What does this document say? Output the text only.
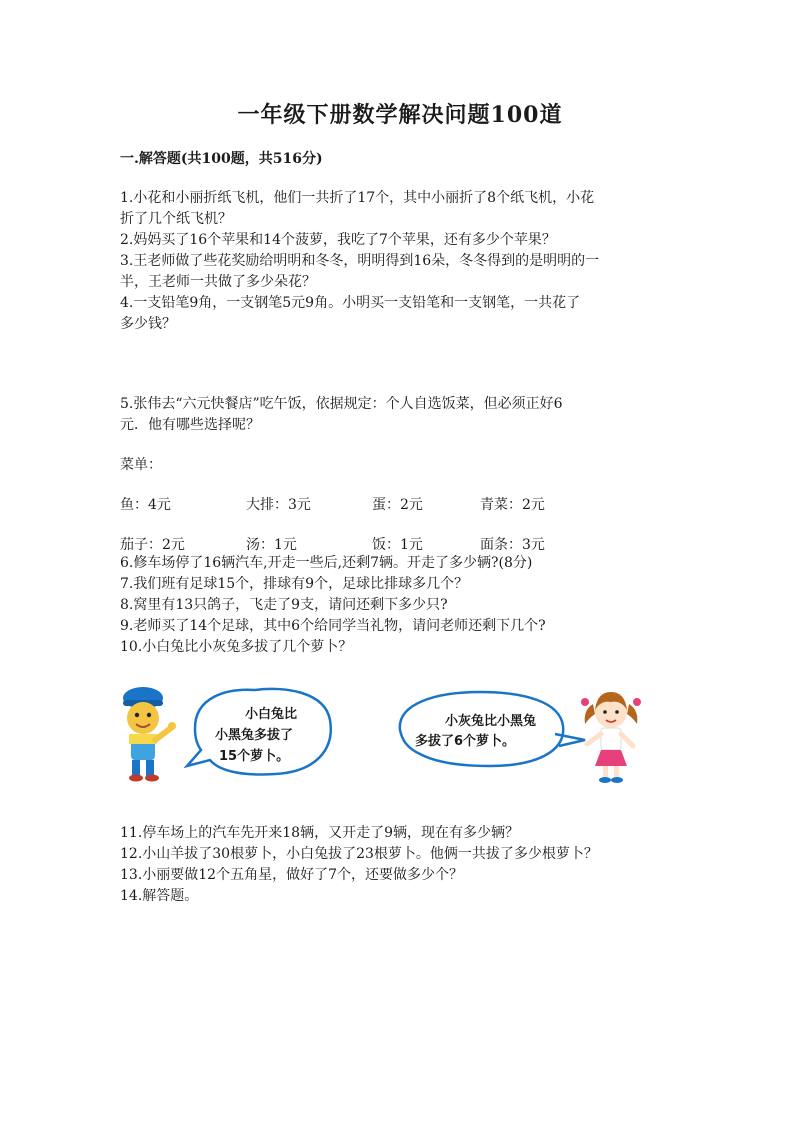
一年级下册数学解决问题100道
一.解答题(共100题，共516分)
1.小花和小丽折纸飞机，他们一共折了17个，其中小丽折了8个纸飞机，小花
折了几个纸飞机？
2.妈妈买了16个苹果和14个菠萝，我吃了7个苹果，还有多少个苹果？
3.王老师做了些花奖励给明明和冬冬，明明得到16朵，冬冬得到的是明明的一
半，王老师一共做了多少朵花？
4.一支铅笔9角，一支钢笔5元9角。小明买一支铅笔和一支钢笔，一共花了
多少钱？
5.张伟去“六元快餐店”吃午饭，依据规定：个人自选饭菜，但必须正好6
元．他有哪些选择呢？
菜单：
鱼：4元	大排：3元	蛋：2元	青菜：2元
茄子：2元	汤：1元	饭：1元	面条：3元
6.修车场停了16辆汽车,开走一些后,还剩7辆。开走了多少辆?(8分)
7.我们班有足球15个，排球有9个，足球比排球多几个？
8.窝里有13只鸽子，飞走了9支，请问还剩下多少只?
9.老师买了14个足球，其中6个给同学当礼物，请问老师还剩下几个?
10.小白兔比小灰兔多拔了几个萝卜？
小白兔比
小黑兔多拔了
15个萝卜。
小灰兔比小黑兔
多拔了6个萝卜。
11.停车场上的汽车先开来18辆，又开走了9辆，现在有多少辆？
12.小山羊拔了30根萝卜，小白兔拔了23根萝卜。他俩一共拔了多少根萝卜？
13.小丽要做12个五角星，做好了7个，还要做多少个？
14.解答题。
